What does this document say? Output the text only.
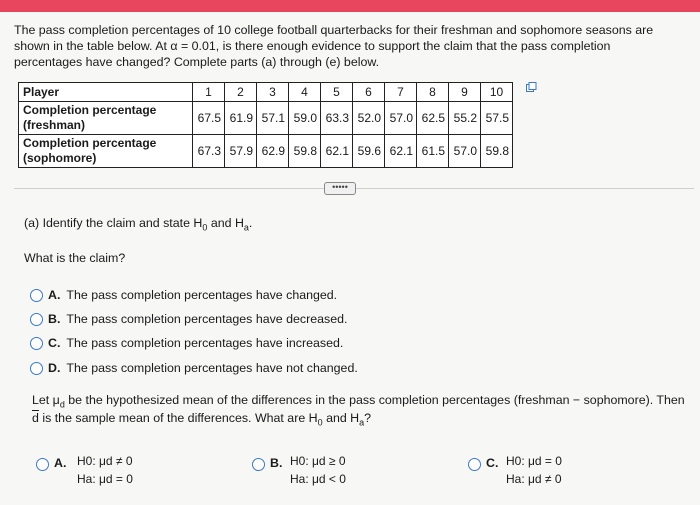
The pass completion percentages of 10 college football quarterbacks for their freshman and sophomore seasons are
shown in the table below. At α = 0.01, is there enough evidence to support the claim that the pass completion
percentages have changed? Complete parts (a) through (e) below.
Player	1	2	3	4	5	6	7	8	9	10

Completion percentage
(freshman)	67.5	61.9	57.1	59.0	63.3	52.0	57.0	62.5	55.2	57.5

Completion percentage
(sophomore)	67.3	57.9	62.9	59.8	62.1	59.6	62.1	61.5	57.0	59.8
•••••
(a) Identify the claim and state $H_0$ and $H_a$.
What is the claim?
A. The pass completion percentages have changed.
B. The pass completion percentages have decreased.
C. The pass completion percentages have increased.
D. The pass completion percentages have not changed.
Let $\mu_d$ be the hypothesized mean of the differences in the pass completion percentages (freshman − sophomore). Then
$\overline{d}$ is the sample mean of the differences. What are $H_0$ and $H_a$?
A. H0: μd ≠ 0
Ha: μd = 0
B. H0: μd ≥ 0
Ha: μd < 0
C. H0: μd = 0
Ha: μd ≠ 0
